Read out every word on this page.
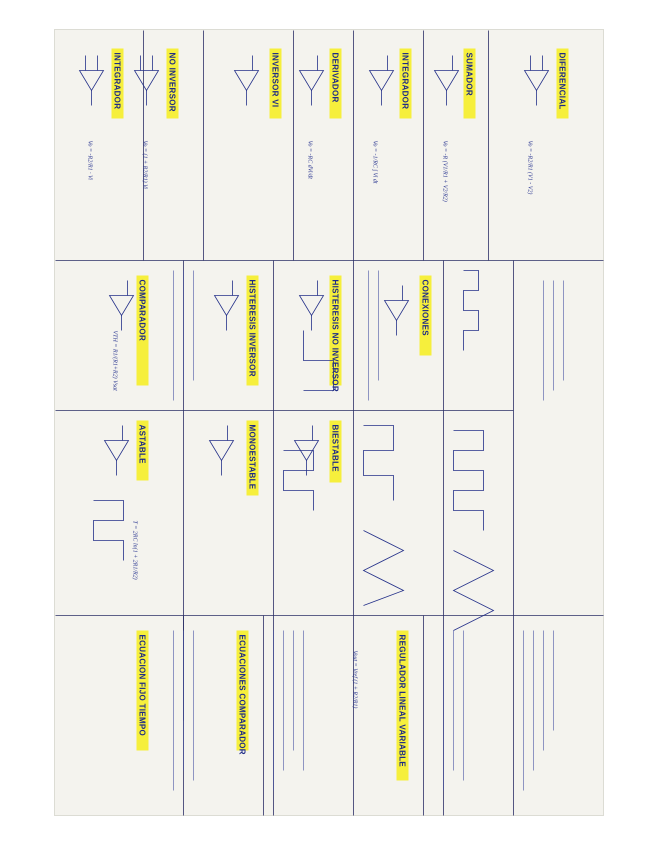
INTEGRADOR	NO INVERSOR	INVERSOR VI	DERIVADOR	INTEGRADOR	SUMADOR	DIFERENCIAL
COMPARADOR	HISTERESIS INVERSOR	HISTERESIS NO INVERSOR	CONEXIONES
ASTABLE	MONOESTABLE	BIESTABLE
ECUACION FIJO TIEMPO	ECUACIONES COMPARADOR	REGULADOR LINEAL VARIABLE
Vo = -R2/R1 · Vi	Vo = (1 + R2/R1) Vi	Vo = -R2/R1 (V1 - V2)
Vo = -1/RC ∫ Vi dt
Vo = -RC dVi/dt	Vo = -R (V1/R1 + V2/R2)
VTH = R1/(R1+R2) Vsat
T = 2RC ln(1 + 2R1/R2)
Vout = Vref (1 + R2/R1)
